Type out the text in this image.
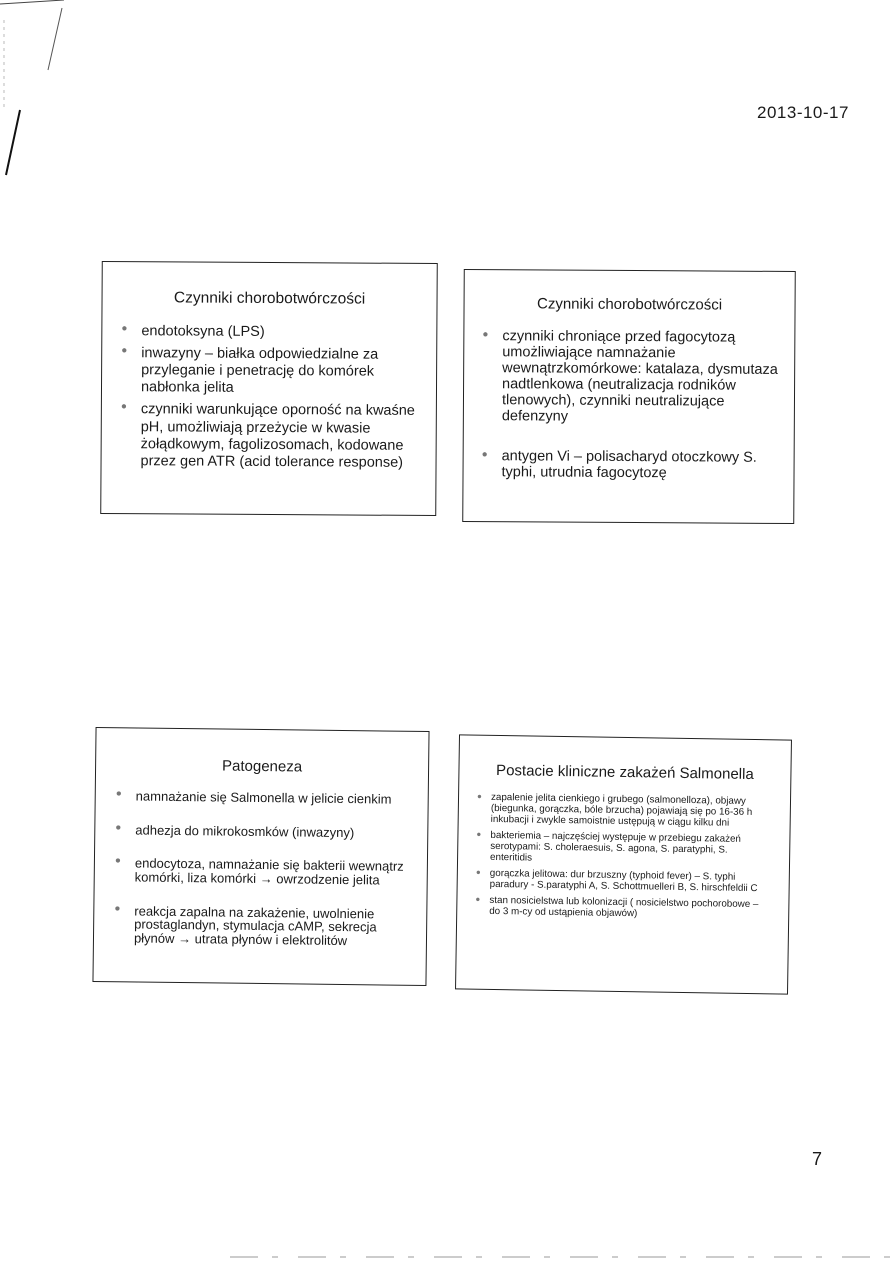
2013-10-17

Czynniki chorobotwórczości

● endotoksyna (LPS)
● inwazyny – białka odpowiedzialne za przyleganie i penetrację do komórek nabłonka jelita
● czynniki warunkujące oporność na kwaśne pH, umożliwiają przeżycie w kwasie żołądkowym, fagolizosomach, kodowane przez gen ATR (acid tolerance response)

Czynniki chorobotwórczości

● czynniki chroniące przed fagocytozą umożliwiające namnażanie wewnątrzkomórkowe: katalaza, dysmutaza nadtlenkowa (neutralizacja rodników tlenowych), czynniki neutralizujące defenzyny
● antygen Vi – polisacharyd otoczkowy S. typhi, utrudnia fagocytozę

Patogeneza

● namnażanie się Salmonella w jelicie cienkim
● adhezja do mikrokosmków (inwazyny)
● endocytoza, namnażanie się bakterii wewnątrz komórki, liza komórki → owrzodzenie jelita
● reakcja zapalna na zakażenie, uwolnienie prostaglandyn, stymulacja cAMP, sekrecja płynów → utrata płynów i elektrolitów

Postacie kliniczne zakażeń Salmonella

● zapalenie jelita cienkiego i grubego (salmonelloza), objawy (biegunka, gorączka, bóle brzucha) pojawiają się po 16-36 h inkubacji i zwykle samoistnie ustępują w ciągu kilku dni
● bakteriemia – najczęściej występuje w przebiegu zakażeń serotypami: S. choleraesuis, S. agona, S. paratyphi, S. enteritidis
● gorączka jelitowa: dur brzuszny (typhoid fever) – S. typhi paradury - S.paratyphi A, S. Schottmuelleri B, S. hirschfeldii C
● stan nosicielstwa lub kolonizacji ( nosicielstwo pochorobowe – do 3 m-cy od ustąpienia objawów)
7
